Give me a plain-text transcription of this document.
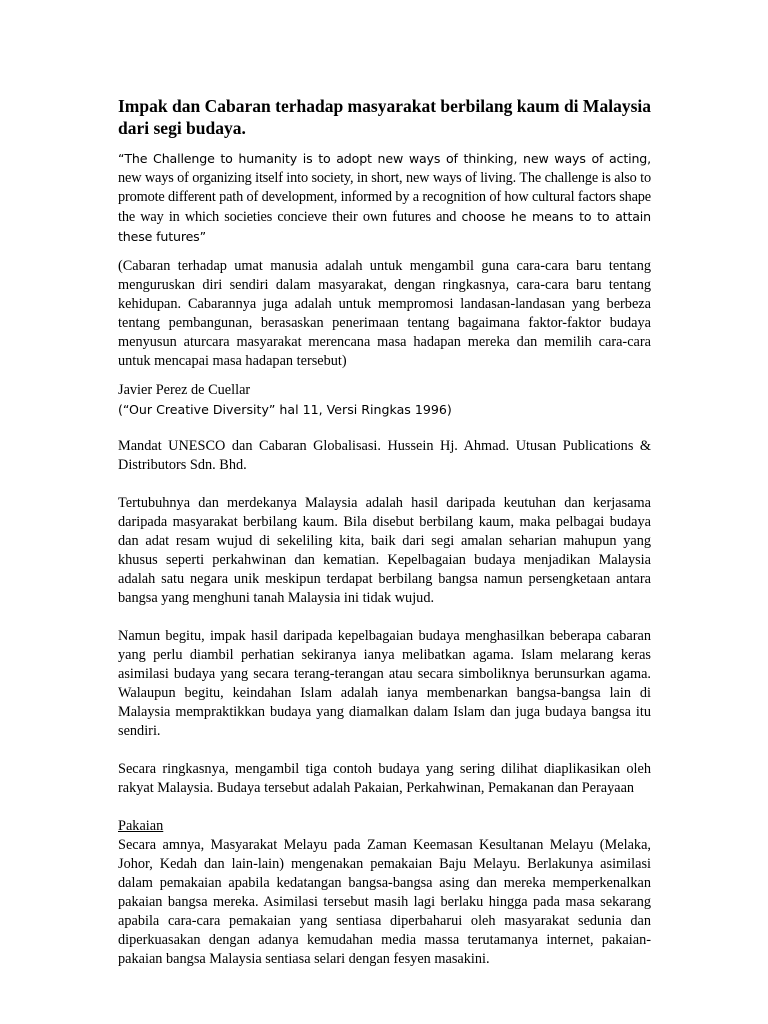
Impak dan Cabaran terhadap masyarakat berbilang kaum di Malaysia dari segi budaya.

“The Challenge to humanity is to adopt new ways of thinking, new ways of acting, new ways of organizing itself into society, in short, new ways of living. The challenge is also to promote different path of development, informed by a recognition of how cultural factors shape the way in which societies concieve their own futures and choose he means to to attain these futures”

(Cabaran terhadap umat manusia adalah untuk mengambil guna cara-cara baru tentang menguruskan diri sendiri dalam masyarakat, dengan ringkasnya, cara-cara baru tentang kehidupan. Cabarannya juga adalah untuk mempromosi landasan-landasan yang berbeza tentang pembangunan, berasaskan penerimaan tentang bagaimana faktor-faktor budaya menyusun aturcara masyarakat merencana masa hadapan mereka dan memilih cara-cara untuk mencapai masa hadapan tersebut)

Javier Perez de Cuellar
(“Our Creative Diversity” hal 11, Versi Ringkas 1996)

Mandat UNESCO dan Cabaran Globalisasi. Hussein Hj. Ahmad. Utusan Publications & Distributors Sdn. Bhd.

Tertubuhnya dan merdekanya Malaysia adalah hasil daripada keutuhan dan kerjasama daripada masyarakat berbilang kaum. Bila disebut berbilang kaum, maka pelbagai budaya dan adat resam wujud di sekeliling kita, baik dari segi amalan seharian mahupun yang khusus seperti perkahwinan dan kematian. Kepelbagaian budaya menjadikan Malaysia adalah satu negara unik meskipun terdapat berbilang bangsa namun persengketaan antara bangsa yang menghuni tanah Malaysia ini tidak wujud.

Namun begitu, impak hasil daripada kepelbagaian budaya menghasilkan beberapa cabaran yang perlu diambil perhatian sekiranya ianya melibatkan agama. Islam melarang keras asimilasi budaya yang secara terang-terangan atau secara simboliknya berunsurkan agama. Walaupun begitu, keindahan Islam adalah ianya membenarkan bangsa-bangsa lain di Malaysia mempraktikkan budaya yang diamalkan dalam Islam dan juga budaya bangsa itu sendiri.

Secara ringkasnya, mengambil tiga contoh budaya yang sering dilihat diaplikasikan oleh rakyat Malaysia. Budaya tersebut adalah Pakaian, Perkahwinan, Pemakanan dan Perayaan

Pakaian

Secara amnya, Masyarakat Melayu pada Zaman Keemasan Kesultanan Melayu (Melaka, Johor, Kedah dan lain-lain) mengenakan pemakaian Baju Melayu. Berlakunya asimilasi dalam pemakaian apabila kedatangan bangsa-bangsa asing dan mereka memperkenalkan pakaian bangsa mereka. Asimilasi tersebut masih lagi berlaku hingga pada masa sekarang apabila cara-cara pemakaian yang sentiasa diperbaharui oleh masyarakat sedunia dan diperkuasakan dengan adanya kemudahan media massa terutamanya internet, pakaian-pakaian bangsa Malaysia sentiasa selari dengan fesyen masakini.
